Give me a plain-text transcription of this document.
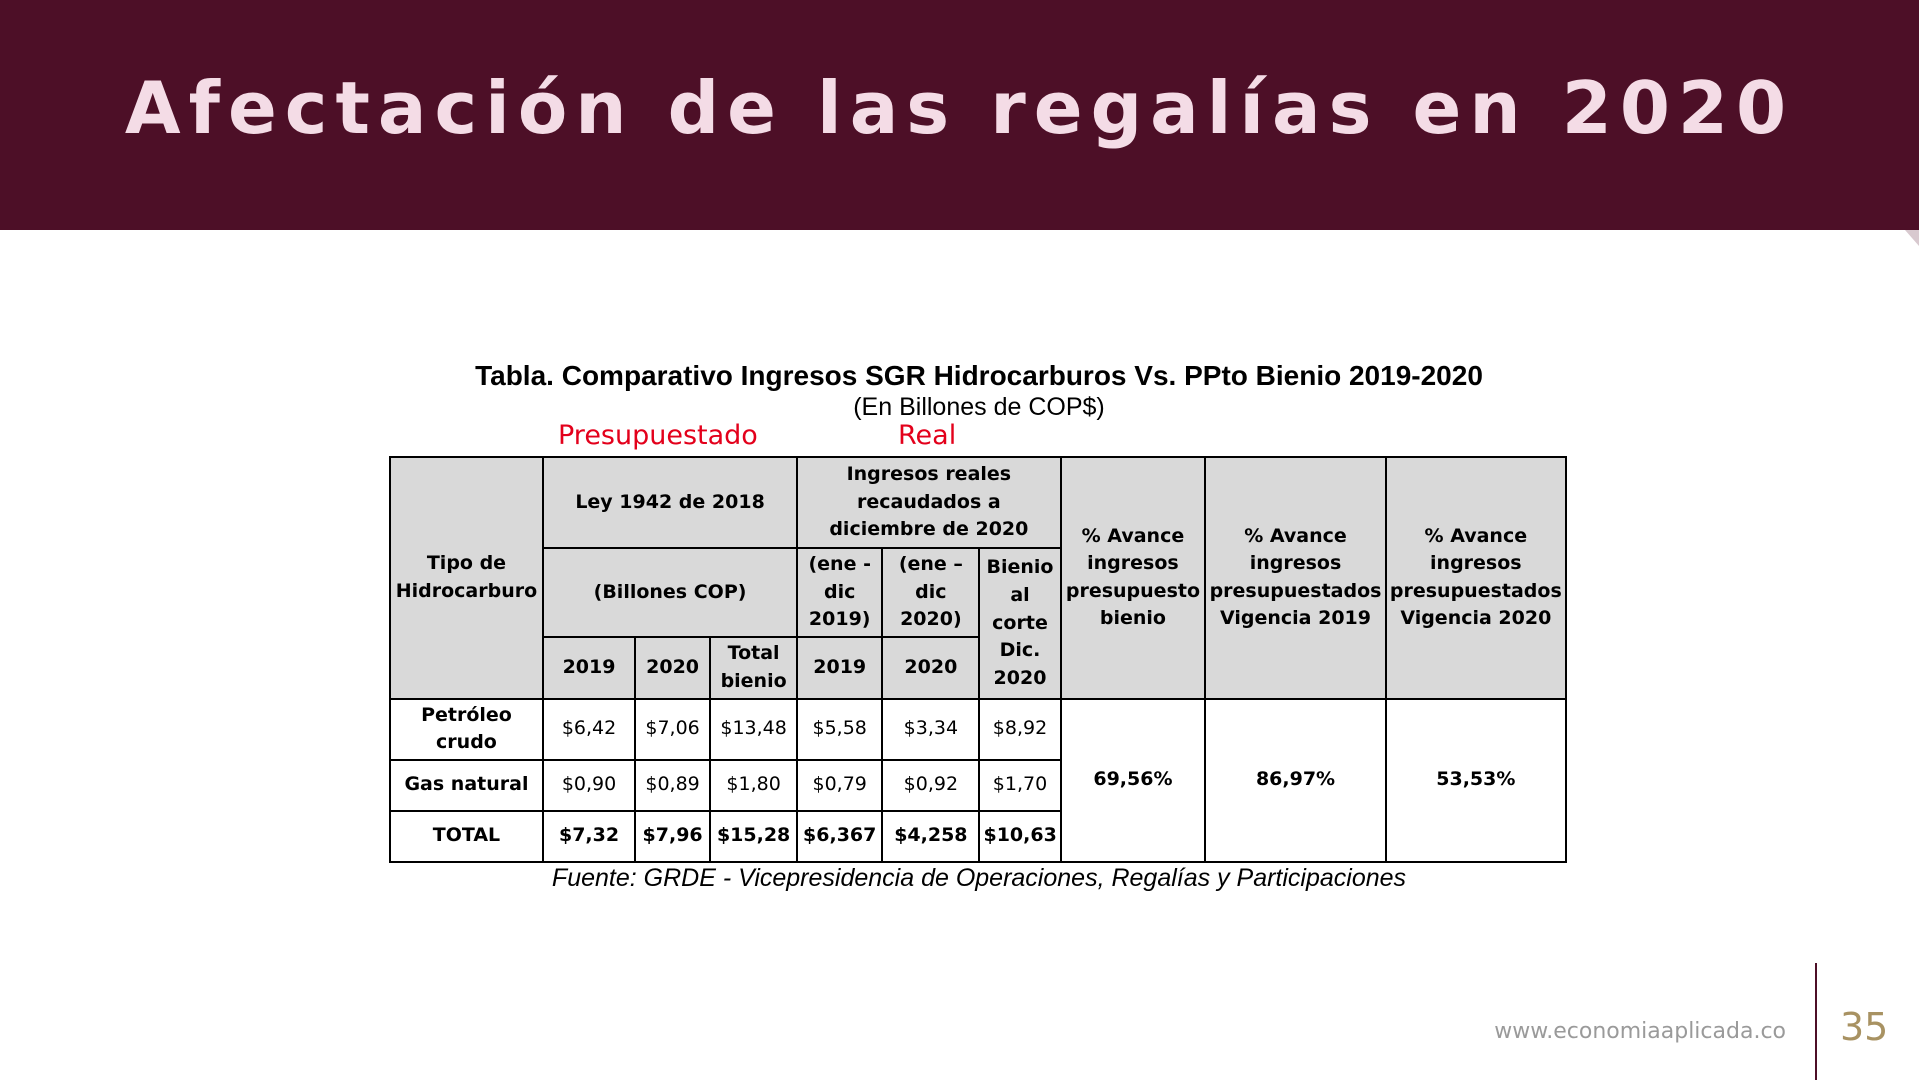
Afectación de las regalías en 2020
Tabla. Comparativo Ingresos SGR Hidrocarburos Vs. PPto Bienio 2019-2020
(En Billones de COP$)
Presupuestado	Real
Tipo de Hidrocarburo	Ley 1942 de 2018			Ingresos reales recaudados a diciembre de 2020			% Avance ingresos presupuesto bienio	% Avance ingresos presupuestados Vigencia 2019	% Avance ingresos presupuestados Vigencia 2020
	(Billones COP)			(ene - dic 2019)	(ene – dic 2020)	Bienio al corte Dic. 2020			
	2019	2020	Total bienio	2019	2020				
Petróleo crudo	$6,42	$7,06	$13,48	$5,58	$3,34	$8,92	69,56%	86,97%	53,53%
Gas natural	$0,90	$0,89	$1,80	$0,79	$0,92	$1,70			
TOTAL	$7,32	$7,96	$15,28	$6,367	$4,258	$10,63			
Fuente: GRDE - Vicepresidencia de Operaciones, Regalías y Participaciones
www.economiaaplicada.co 35
